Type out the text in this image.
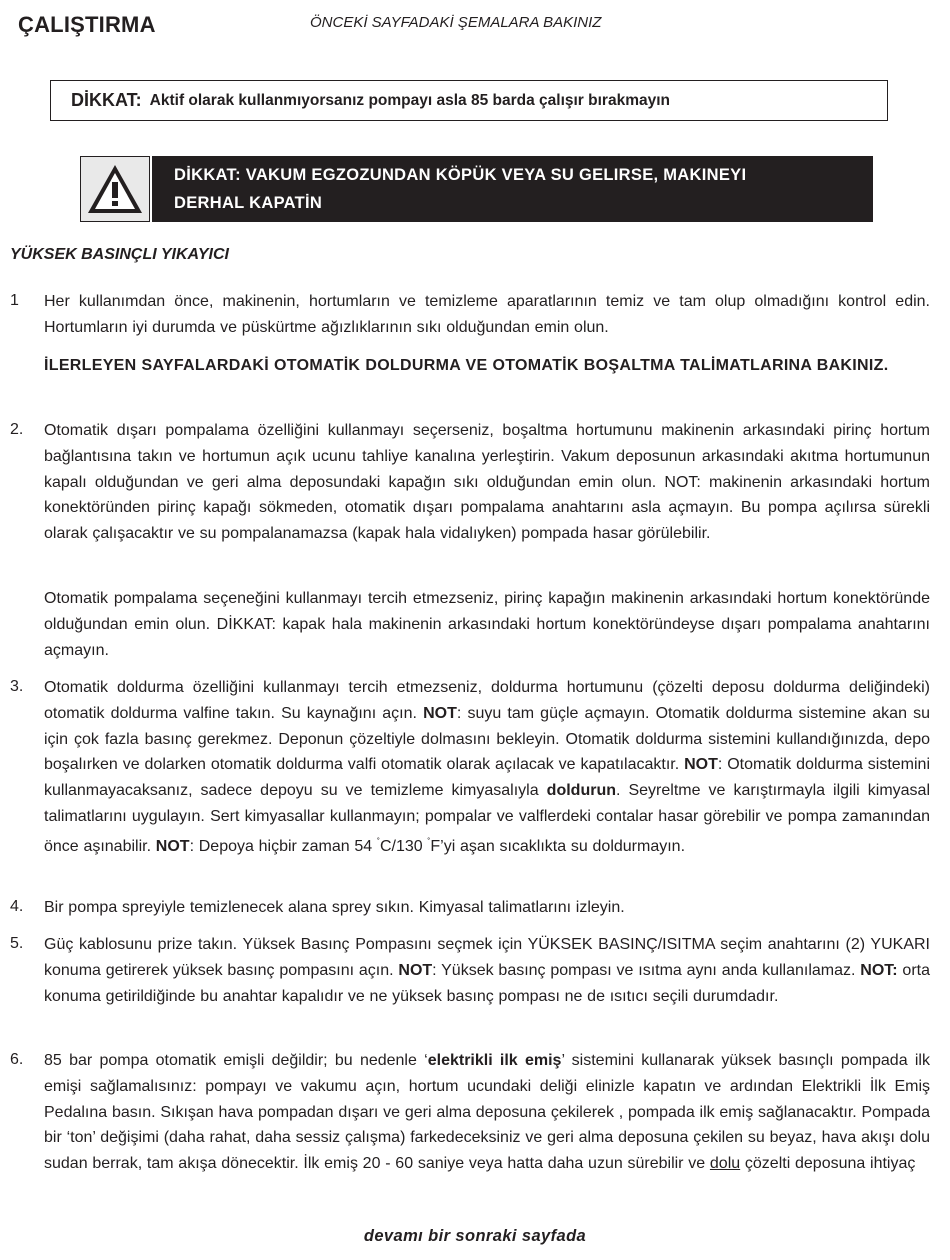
ÇALIŞTIRMA	ÖNCEKİ SAYFADAKİ ŞEMALARA BAKINIZ
DİKKAT: Aktif olarak kullanmıyorsanız pompayı asla 85 barda çalışır bırakmayın
DİKKAT: VAKUM EGZOZUNDAN KÖPÜK VEYA SU GELIRSE, MAKINEYI
DERHAL KAPATİN
YÜKSEK BASINÇLI YIKAYICI
1 Her kullanımdan önce, makinenin, hortumların ve temizleme aparatlarının temiz ve tam olup olmadığını kontrol edin. Hortumların iyi durumda ve püskürtme ağızlıklarının sıkı olduğundan emin olun.
İLERLEYEN SAYFALARDAKİ OTOMATİK DOLDURMA VE OTOMATİK BOŞALTMA TALİMATLARINA BAKINIZ.
2. Otomatik dışarı pompalama özelliğini kullanmayı seçerseniz, boşaltma hortumunu makinenin arkasındaki pirinç hortum bağlantısına takın ve hortumun açık ucunu tahliye kanalına yerleştirin. Vakum deposunun arkasındaki akıtma hortumunun kapalı olduğundan ve geri alma deposundaki kapağın sıkı olduğundan emin olun. NOT: makinenin arkasındaki hortum konektöründen pirinç kapağı sökmeden, otomatik dışarı pompalama anahtarını asla açmayın. Bu pompa açılırsa sürekli olarak çalışacaktır ve su pompalanamazsa (kapak hala vidalıyken) pompada hasar görülebilir.
Otomatik pompalama seçeneğini kullanmayı tercih etmezseniz, pirinç kapağın makinenin arkasındaki hortum konektöründe olduğundan emin olun. DİKKAT: kapak hala makinenin arkasındaki hortum konektöründeyse dışarı pompalama anahtarını açmayın.
3. Otomatik doldurma özelliğini kullanmayı tercih etmezseniz, doldurma hortumunu (çözelti deposu doldurma deliğindeki) otomatik doldurma valfine takın. Su kaynağını açın. NOT: suyu tam güçle açmayın. Otomatik doldurma sistemine akan su için çok fazla basınç gerekmez. Deponun çözeltiyle dolmasını bekleyin. Otomatik doldurma sistemini kullandığınızda, depo boşalırken ve dolarken otomatik doldurma valfi otomatik olarak açılacak ve kapatılacaktır. NOT: Otomatik doldurma sistemini kullanmayacaksanız, sadece depoyu su ve temizleme kimyasalıyla doldurun. Seyreltme ve karıştırmayla ilgili kimyasal talimatlarını uygulayın. Sert kimyasallar kullanmayın; pompalar ve valflerdeki contalar hasar görebilir ve pompa zamanından önce aşınabilir. NOT: Depoya hiçbir zaman 54 ˚C/130 ˚F’yi aşan sıcaklıkta su doldurmayın.
4. Bir pompa spreyiyle temizlenecek alana sprey sıkın. Kimyasal talimatlarını izleyin.
5. Güç kablosunu prize takın. Yüksek Basınç Pompasını seçmek için YÜKSEK BASINÇ/ISITMA seçim anahtarını (2) YUKARI konuma getirerek yüksek basınç pompasını açın. NOT: Yüksek basınç pompası ve ısıtma aynı anda kullanılamaz. NOT: orta konuma getirildiğinde bu anahtar kapalıdır ve ne yüksek basınç pompası ne de ısıtıcı seçili durumdadır.
6. 85 bar pompa otomatik emişli değildir; bu nedenle ‘elektrikli ilk emiş’ sistemini kullanarak yüksek basınçlı pompada ilk emişi sağlamalısınız: pompayı ve vakumu açın, hortum ucundaki deliği elinizle kapatın ve ardından Elektrikli İlk Emiş Pedalına basın. Sıkışan hava pompadan dışarı ve geri alma deposuna çekilerek , pompada ilk emiş sağlanacaktır. Pompada bir ‘ton’ değişimi (daha rahat, daha sessiz çalışma) farkedeceksiniz ve geri alma deposuna çekilen su beyaz, hava akışı dolu sudan berrak, tam akışa dönecektir. İlk emiş 20 - 60 saniye veya hatta daha uzun sürebilir ve dolu çözelti deposuna ihtiyaç
devamı bir sonraki sayfada
